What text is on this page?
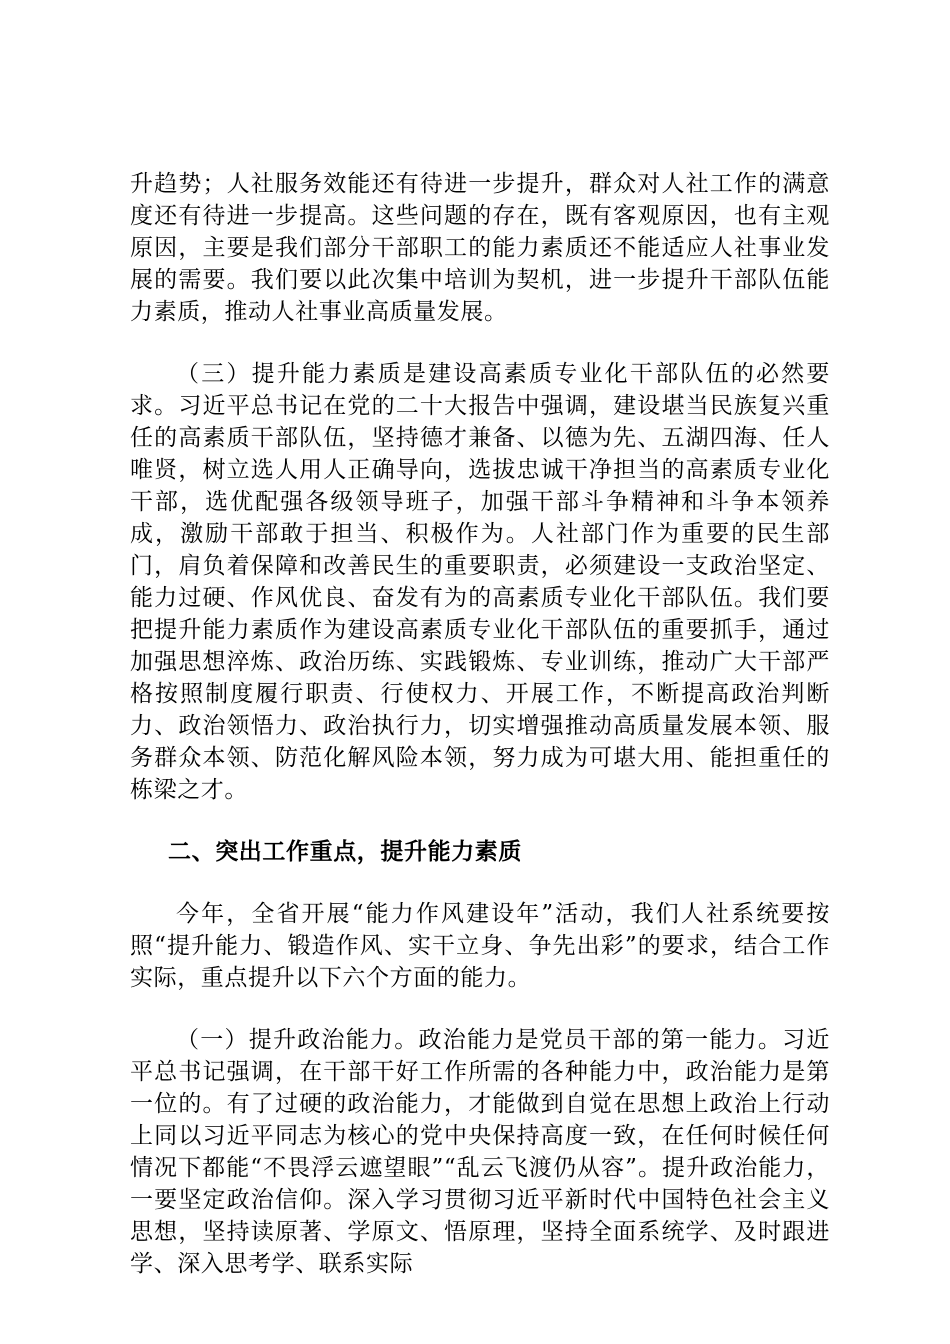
升趋势；人社服务效能还有待进一步提升，群众对人社工作的满意度还有待进一步提高。这些问题的存在，既有客观原因，也有主观原因，主要是我们部分干部职工的能力素质还不能适应人社事业发展的需要。我们要以此次集中培训为契机，进一步提升干部队伍能力素质，推动人社事业高质量发展。

（三）提升能力素质是建设高素质专业化干部队伍的必然要求。习近平总书记在党的二十大报告中强调，建设堪当民族复兴重任的高素质干部队伍，坚持德才兼备、以德为先、五湖四海、任人唯贤，树立选人用人正确导向，选拔忠诚干净担当的高素质专业化干部，选优配强各级领导班子，加强干部斗争精神和斗争本领养成，激励干部敢于担当、积极作为。人社部门作为重要的民生部门，肩负着保障和改善民生的重要职责，必须建设一支政治坚定、能力过硬、作风优良、奋发有为的高素质专业化干部队伍。我们要把提升能力素质作为建设高素质专业化干部队伍的重要抓手，通过加强思想淬炼、政治历练、实践锻炼、专业训练，推动广大干部严格按照制度履行职责、行使权力、开展工作，不断提高政治判断力、政治领悟力、政治执行力，切实增强推动高质量发展本领、服务群众本领、防范化解风险本领，努力成为可堪大用、能担重任的栋梁之才。

二、突出工作重点，提升能力素质

今年，全省开展“能力作风建设年”活动，我们人社系统要按照“提升能力、锻造作风、实干立身、争先出彩”的要求，结合工作实际，重点提升以下六个方面的能力。

（一）提升政治能力。政治能力是党员干部的第一能力。习近平总书记强调，在干部干好工作所需的各种能力中，政治能力是第一位的。有了过硬的政治能力，才能做到自觉在思想上政治上行动上同以习近平同志为核心的党中央保持高度一致，在任何时候任何情况下都能“不畏浮云遮望眼”“乱云飞渡仍从容”。提升政治能力，一要坚定政治信仰。深入学习贯彻习近平新时代中国特色社会主义思想，坚持读原著、学原文、悟原理，坚持全面系统学、及时跟进学、深入思考学、联系实际
